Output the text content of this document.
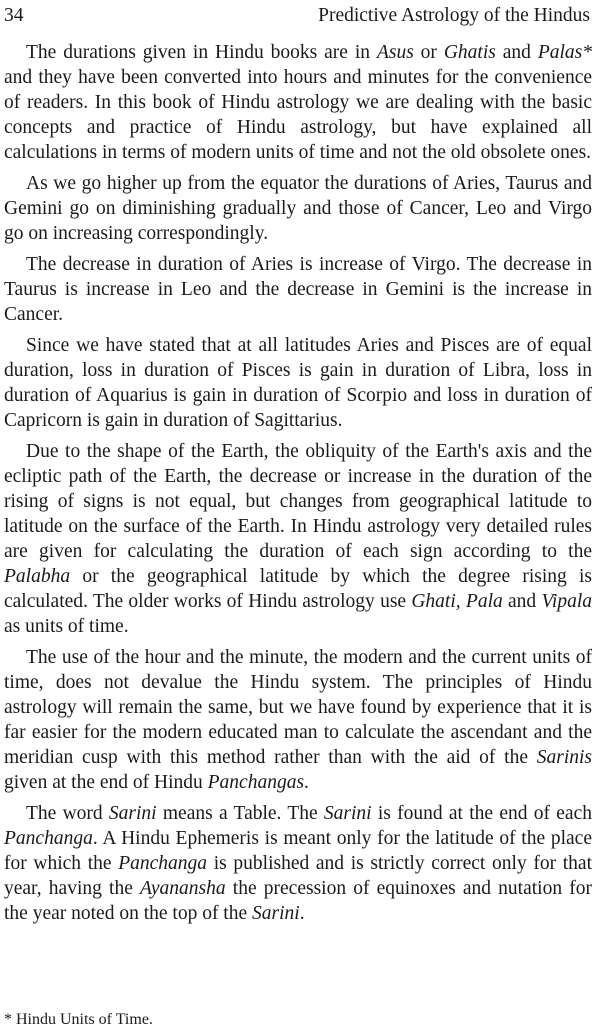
34	Predictive Astrology of the Hindus

The durations given in Hindu books are in Asus or Ghatis and Palas* and they have been converted into hours and minutes for the convenience of readers. In this book of Hindu astrology we are dealing with the basic concepts and practice of Hindu astrology, but have explained all calculations in terms of modern units of time and not the old obsolete ones.

As we go higher up from the equator the durations of Aries, Taurus and Gemini go on diminishing gradually and those of Cancer, Leo and Virgo go on increasing correspondingly.

The decrease in duration of Aries is increase of Virgo. The decrease in Taurus is increase in Leo and the decrease in Gemini is the increase in Cancer.

Since we have stated that at all latitudes Aries and Pisces are of equal duration, loss in duration of Pisces is gain in duration of Libra, loss in duration of Aquarius is gain in duration of Scorpio and loss in duration of Capricorn is gain in duration of Sagittarius.

Due to the shape of the Earth, the obliquity of the Earth's axis and the ecliptic path of the Earth, the decrease or increase in the duration of the rising of signs is not equal, but changes from geographical latitude to latitude on the surface of the Earth. In Hindu astrology very detailed rules are given for calculating the duration of each sign according to the Palabha or the geographical latitude by which the degree rising is calculated. The older works of Hindu astrology use Ghati, Pala and Vipala as units of time.

The use of the hour and the minute, the modern and the current units of time, does not devalue the Hindu system. The principles of Hindu astrology will remain the same, but we have found by experience that it is far easier for the modern educated man to calculate the ascendant and the meridian cusp with this method rather than with the aid of the Sarinis given at the end of Hindu Panchangas.

The word Sarini means a Table. The Sarini is found at the end of each Panchanga. A Hindu Ephemeris is meant only for the latitude of the place for which the Panchanga is published and is strictly correct only for that year, having the Ayanansha the precession of equinoxes and nutation for the year noted on the top of the Sarini.

* Hindu Units of Time.
